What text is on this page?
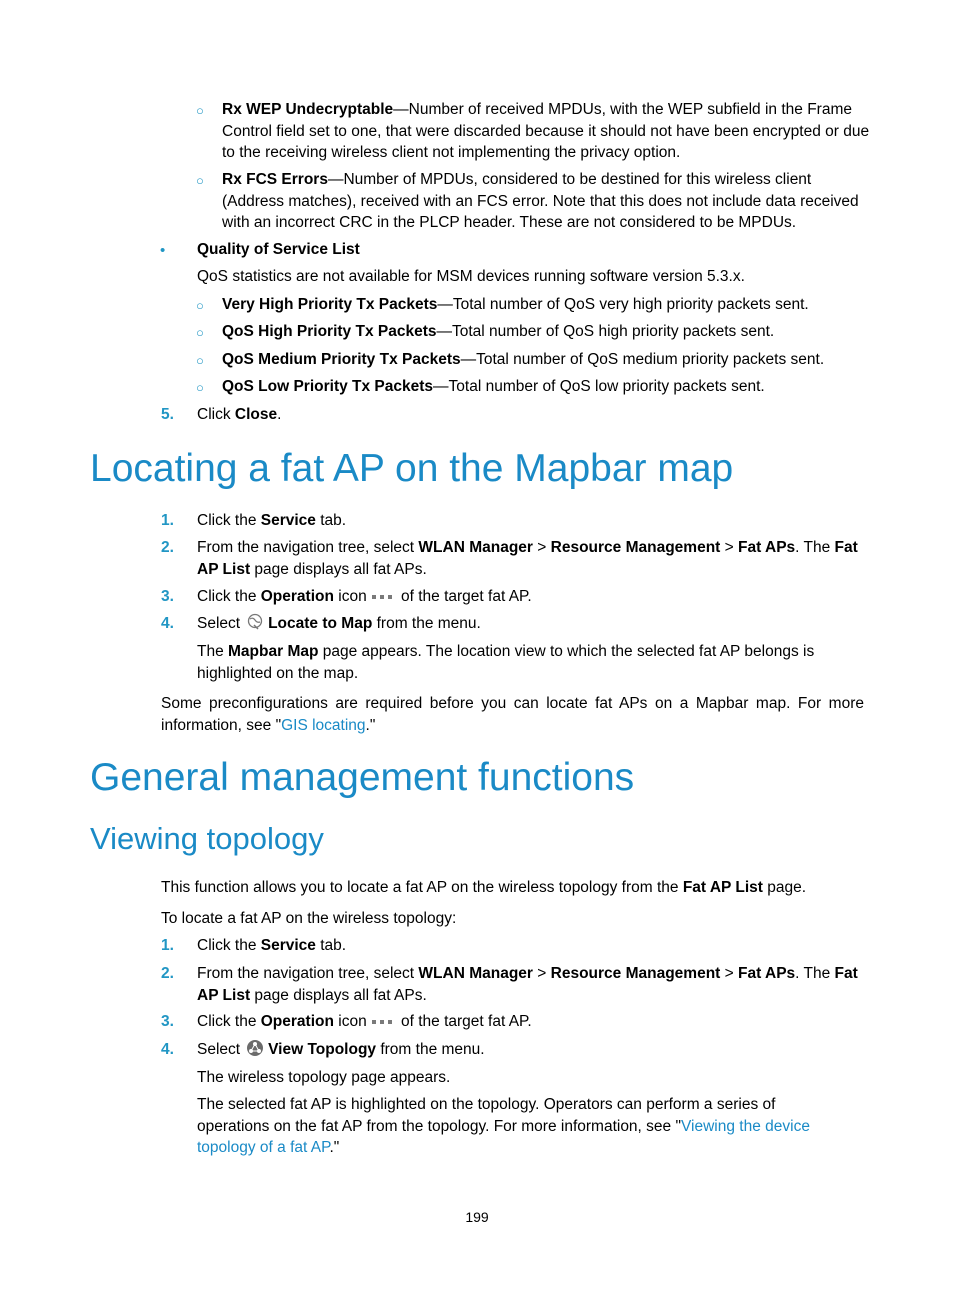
○ Rx WEP Undecryptable—Number of received MPDUs, with the WEP subfield in the Frame Control field set to one, that were discarded because it should not have been encrypted or due to the receiving wireless client not implementing the privacy option.
○ Rx FCS Errors—Number of MPDUs, considered to be destined for this wireless client (Address matches), received with an FCS error. Note that this does not include data received with an incorrect CRC in the PLCP header. These are not considered to be MPDUs.
• Quality of Service List
QoS statistics are not available for MSM devices running software version 5.3.x.
○ Very High Priority Tx Packets—Total number of QoS very high priority packets sent.
○ QoS High Priority Tx Packets—Total number of QoS high priority packets sent.
○ QoS Medium Priority Tx Packets—Total number of QoS medium priority packets sent.
○ QoS Low Priority Tx Packets—Total number of QoS low priority packets sent.
5. Click Close.
Locating a fat AP on the Mapbar map
1. Click the Service tab.
2. From the navigation tree, select WLAN Manager > Resource Management > Fat APs. The Fat AP List page displays all fat APs.
3. Click the Operation icon of the target fat AP.
4. Select Locate to Map from the menu.
The Mapbar Map page appears. The location view to which the selected fat AP belongs is highlighted on the map.
Some preconfigurations are required before you can locate fat APs on a Mapbar map. For more information, see "GIS locating."
General management functions
Viewing topology
This function allows you to locate a fat AP on the wireless topology from the Fat AP List page.
To locate a fat AP on the wireless topology:
1. Click the Service tab.
2. From the navigation tree, select WLAN Manager > Resource Management > Fat APs. The Fat AP List page displays all fat APs.
3. Click the Operation icon of the target fat AP.
4. Select View Topology from the menu.
The wireless topology page appears.
The selected fat AP is highlighted on the topology. Operators can perform a series of operations on the fat AP from the topology. For more information, see "Viewing the device topology of a fat AP."
199
